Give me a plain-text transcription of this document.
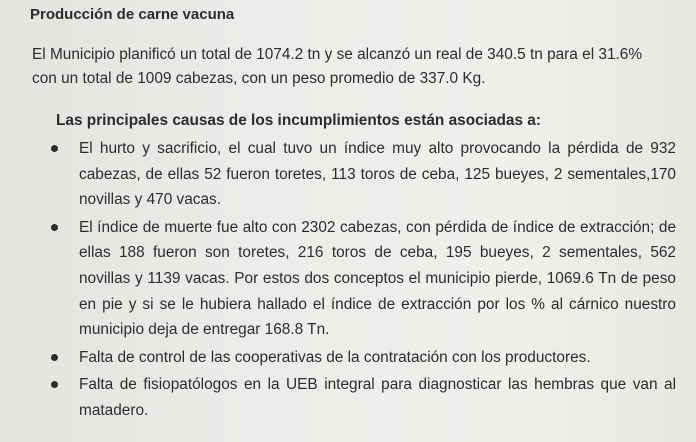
Producción de carne vacuna
El Municipio planificó un total de 1074.2 tn y se alcanzó un real de 340.5 tn para el 31.6%
con un total de 1009 cabezas, con un peso promedio de 337.0 Kg.
Las principales causas de los incumplimientos están asociadas a:
El hurto y sacrificio, el cual tuvo un índice muy alto provocando la pérdida de 932 cabezas, de ellas 52 fueron toretes, 113 toros de ceba, 125 bueyes, 2 sementales,170 novillas y 470 vacas.
El índice de muerte fue alto con 2302 cabezas, con pérdida de índice de extracción; de ellas 188 fueron son toretes, 216 toros de ceba, 195 bueyes, 2 sementales, 562 novillas y 1139 vacas. Por estos dos conceptos el municipio pierde, 1069.6 Tn de peso en pie y si se le hubiera hallado el índice de extracción por los % al cárnico nuestro municipio deja de entregar 168.8 Tn.
Falta de control de las cooperativas de la contratación con los productores.
Falta de fisiopatólogos en la UEB integral para diagnosticar las hembras que van al matadero.
